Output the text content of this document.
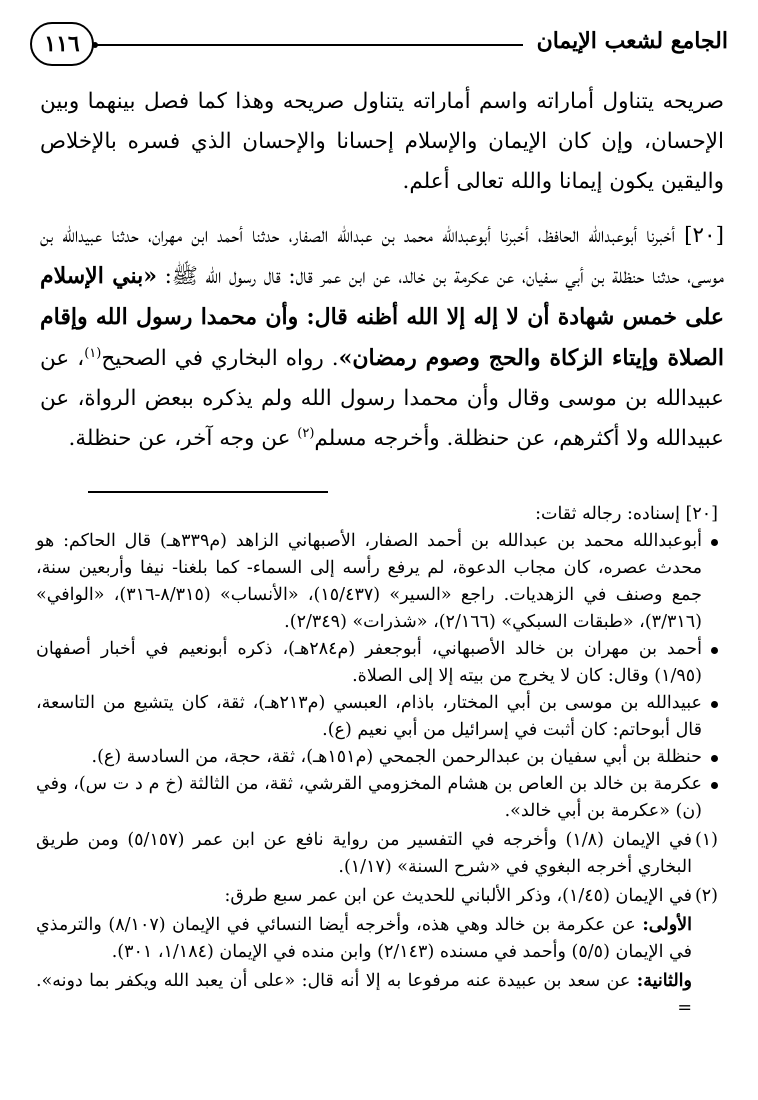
١١٦	الجامع لشعب الإيمان

صريحه يتناول أماراته واسم أماراته يتناول صريحه وهذا كما فصل بينهما وبين الإحسان، وإن كان الإيمان والإسلام إحسانا والإحسان الذي فسره بالإخلاص واليقين يكون إيمانا والله تعالى أعلم.

[٢٠] أخبرنا أبوعبدالله الحافظ، أخبرنا أبوعبدالله محمد بن عبدالله الصفار، حدثنا أحمد ابن مهران، حدثنا عبيدالله بن موسى، حدثنا حنظلة بن أبي سفيان، عن عكرمة بن خالد، عن ابن عمر قال: قال رسول الله ﷺ: «بني الإسلام على خمس شهادة أن لا إله إلا الله أظنه قال: وأن محمدا رسول الله وإقام الصلاة وإيتاء الزكاة والحج وصوم رمضان». رواه البخاري في الصحيح$^{(١)}$، عن عبيدالله بن موسى وقال وأن محمدا رسول الله ولم يذكره ببعض الرواة، عن عبيدالله ولا أكثرهم، عن حنظلة. وأخرجه مسلم$^{(٢)}$ عن وجه آخر، عن حنظلة.

[٢٠] إسناده: رجاله ثقات:

أبوعبدالله محمد بن عبدالله بن أحمد الصفار، الأصبهاني الزاهد (م٣٣٩هـ) قال الحاكم: هو محدث عصره، كان مجاب الدعوة، لم يرفع رأسه إلى السماء- كما بلغنا- نيفا وأربعين سنة، جمع وصنف في الزهديات. راجع «السير» (١٥/٤٣٧)، «الأنساب» (٨/٣١٥-٣١٦)، «الوافي» (٣/٣١٦)، «طبقات السبكي» (٢/١٦٦)، «شذرات» (٢/٣٤٩).
أحمد بن مهران بن خالد الأصبهاني، أبوجعفر (م٢٨٤هـ)، ذكره أبونعيم في أخبار أصفهان (١/٩٥) وقال: كان لا يخرج من بيته إلا إلى الصلاة.
عبيدالله بن موسى بن أبي المختار، باذام، العبسي (م٢١٣هـ)، ثقة، كان يتشيع من التاسعة، قال أبوحاتم: كان أثبت في إسرائيل من أبي نعيم (ع).
حنظلة بن أبي سفيان بن عبدالرحمن الجمحي (م١٥١هـ)، ثقة، حجة، من السادسة (ع).
عكرمة بن خالد بن العاص بن هشام المخزومي القرشي، ثقة، من الثالثة (خ م د ت س)، وفي (ن) «عكرمة بن أبي خالد».
(١)
في الإيمان (١/٨) وأخرجه في التفسير من رواية نافع عن ابن عمر (٥/١٥٧) ومن طريق البخاري أخرجه البغوي في «شرح السنة» (١/١٧).
(٢)
في الإيمان (١/٤٥)، وذكر الألباني للحديث عن ابن عمر سبع طرق:
الأولى: عن عكرمة بن خالد وهي هذه، وأخرجه أيضا النسائي في الإيمان (٨/١٠٧) والترمذي في الإيمان (٥/٥) وأحمد في مسنده (٢/١٤٣) وابن منده في الإيمان (١/١٨٤، ٣٠١).
والثانية: عن سعد بن عبيدة عنه مرفوعا به إلا أنه قال: «على أن يعبد الله ويكفر بما دونه». =
